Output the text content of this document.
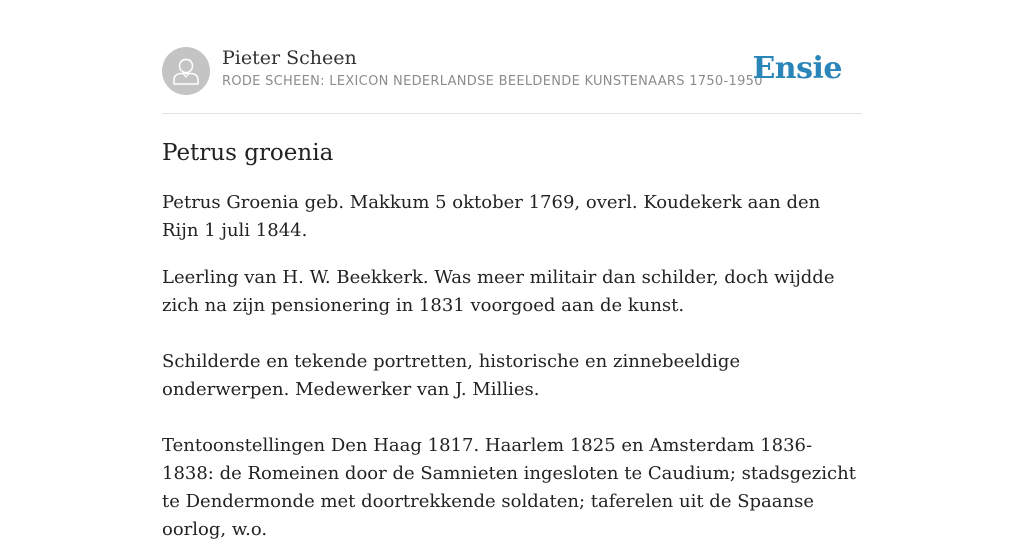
Pieter Scheen
RODE SCHEEN: LEXICON NEDERLANDSE BEELDENDE KUNSTENAARS 1750-1950
Ensie
Petrus groenia

Petrus Groenia geb. Makkum 5 oktober 1769, overl. Koudekerk aan den Rijn 1 juli 1844.

Leerling van H. W. Beekkerk. Was meer militair dan schilder, doch wijdde zich na zijn pensionering in 1831 voorgoed aan de kunst.

Schilderde en tekende portretten, historische en zinnebeeldige onderwerpen. Medewerker van J. Millies.

Tentoonstellingen Den Haag 1817. Haarlem 1825 en Amsterdam 1836-1838: de Romeinen door de Samnieten ingesloten te Caudium; stadsgezicht te Dendermonde met doortrekkende soldaten; taferelen uit de Spaanse oorlog, w.o.
